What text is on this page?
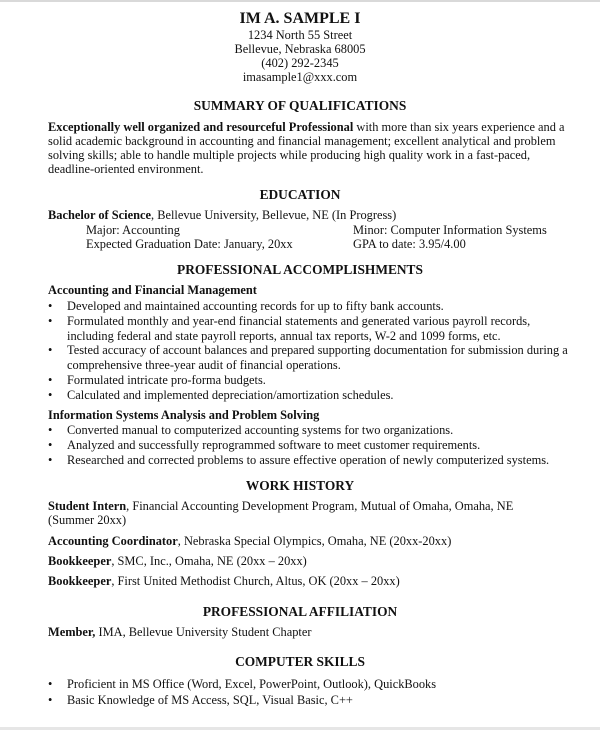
IM A. SAMPLE I
1234 North 55 Street
Bellevue, Nebraska 68005
(402) 292-2345
imasample1@xxx.com
SUMMARY OF QUALIFICATIONS
Exceptionally well organized and resourceful Professional with more than six years experience and a
solid academic background in accounting and financial management; excellent analytical and problem
solving skills; able to handle multiple projects while producing high quality work in a fast-paced,
deadline-oriented environment.
EDUCATION
Bachelor of Science, Bellevue University, Bellevue, NE (In Progress)
Major: Accounting	Minor: Computer Information Systems
Expected Graduation Date: January, 20xx	GPA to date: 3.95/4.00
PROFESSIONAL ACCOMPLISHMENTS
Accounting and Financial Management
• Developed and maintained accounting records for up to fifty bank accounts.
• Formulated monthly and year-end financial statements and generated various payroll records,
including federal and state payroll reports, annual tax reports, W-2 and 1099 forms, etc.
• Tested accuracy of account balances and prepared supporting documentation for submission during a
comprehensive three-year audit of financial operations.
• Formulated intricate pro-forma budgets.
• Calculated and implemented depreciation/amortization schedules.
Information Systems Analysis and Problem Solving
• Converted manual to computerized accounting systems for two organizations.
• Analyzed and successfully reprogrammed software to meet customer requirements.
• Researched and corrected problems to assure effective operation of newly computerized systems.
WORK HISTORY
Student Intern, Financial Accounting Development Program, Mutual of Omaha, Omaha, NE
(Summer 20xx)
Accounting Coordinator, Nebraska Special Olympics, Omaha, NE (20xx-20xx)
Bookkeeper, SMC, Inc., Omaha, NE (20xx – 20xx)
Bookkeeper, First United Methodist Church, Altus, OK (20xx – 20xx)
PROFESSIONAL AFFILIATION
Member, IMA, Bellevue University Student Chapter
COMPUTER SKILLS
• Proficient in MS Office (Word, Excel, PowerPoint, Outlook), QuickBooks
• Basic Knowledge of MS Access, SQL, Visual Basic, C++
